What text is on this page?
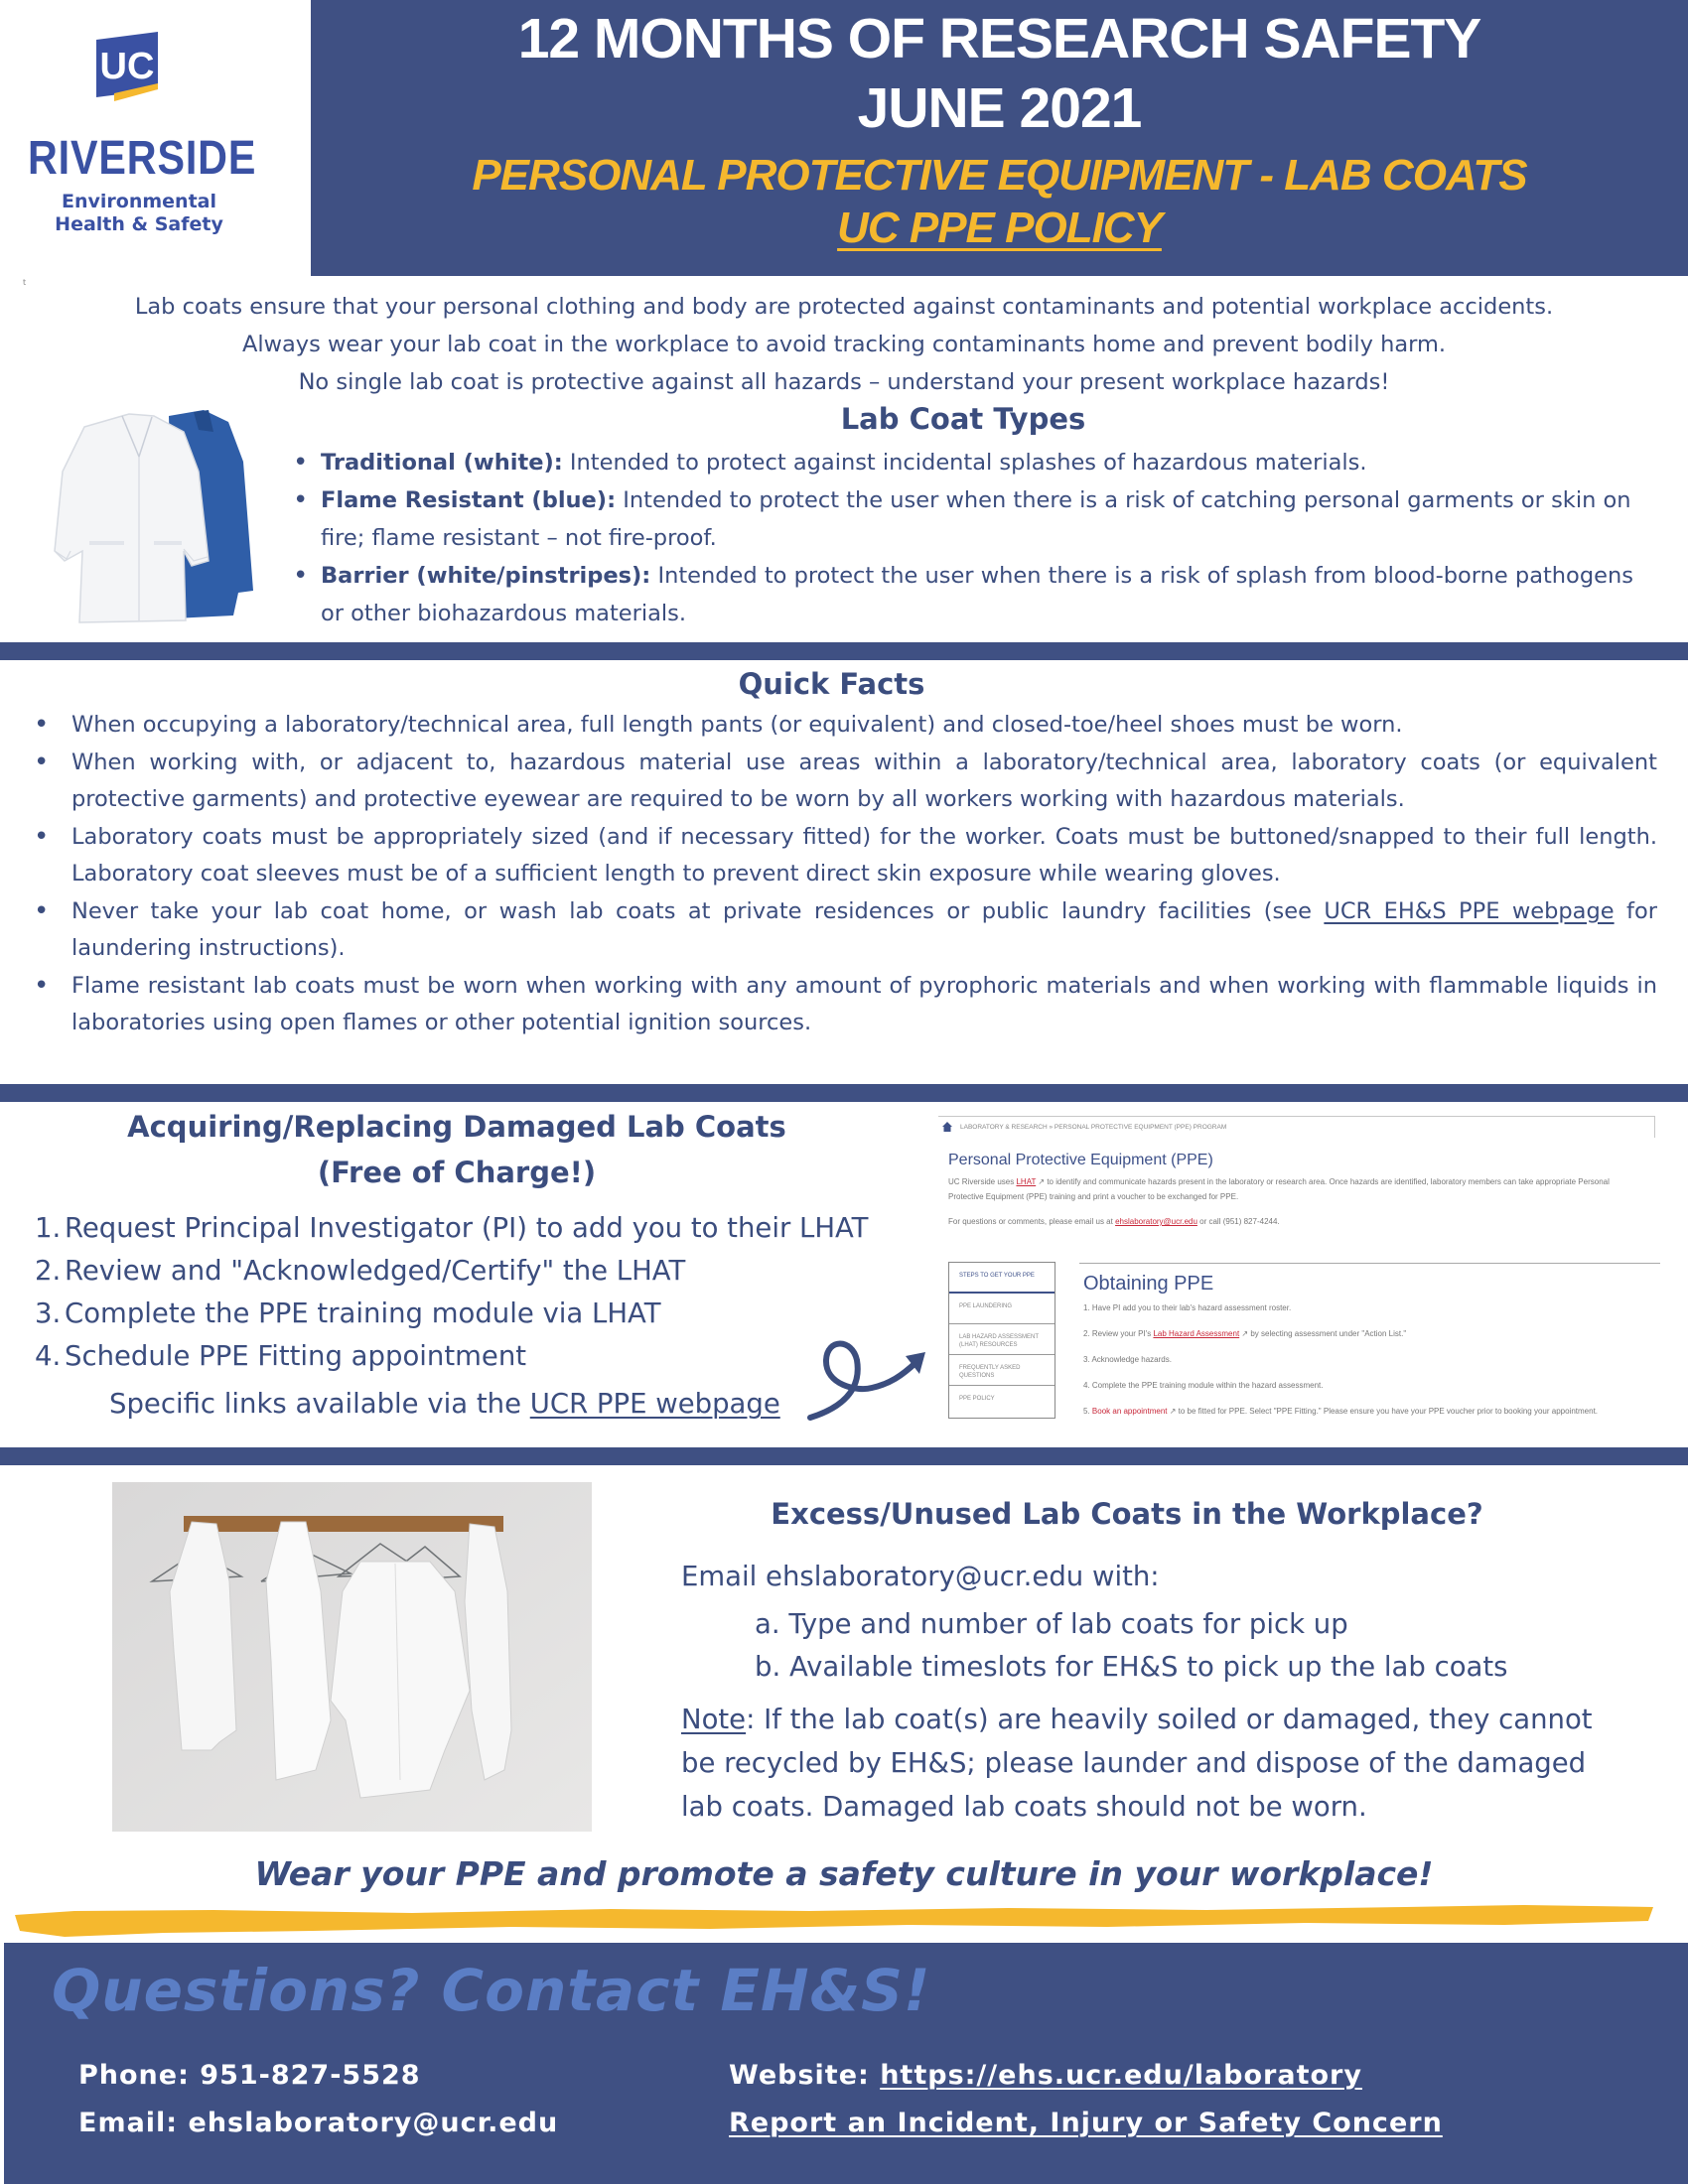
UC
RIVERSIDE
Environmental
Health & Safety
12 MONTHS OF RESEARCH SAFETY
JUNE 2021
PERSONAL PROTECTIVE EQUIPMENT - LAB COATS
UC PPE POLICY
t
Lab coats ensure that your personal clothing and body are protected against contaminants and potential workplace accidents.
Always wear your lab coat in the workplace to avoid tracking contaminants home and prevent bodily harm.
No single lab coat is protective against all hazards – understand your present workplace hazards!
Lab Coat Types
• Traditional (white): Intended to protect against incidental splashes of hazardous materials.
• Flame Resistant (blue): Intended to protect the user when there is a risk of catching personal garments or skin on fire; flame resistant – not fire-proof.
• Barrier (white/pinstripes): Intended to protect the user when there is a risk of splash from blood-borne pathogens or other biohazardous materials.
Quick Facts
• When occupying a laboratory/technical area, full length pants (or equivalent) and closed-toe/heel shoes must be worn.
• When working with, or adjacent to, hazardous material use areas within a laboratory/technical area, laboratory coats (or equivalent protective garments) and protective eyewear are required to be worn by all workers working with hazardous materials.
• Laboratory coats must be appropriately sized (and if necessary fitted) for the worker. Coats must be buttoned/snapped to their full length. Laboratory coat sleeves must be of a sufficient length to prevent direct skin exposure while wearing gloves.
• Never take your lab coat home, or wash lab coats at private residences or public laundry facilities (see UCR EH&S PPE webpage for laundering instructions).
• Flame resistant lab coats must be worn when working with any amount of pyrophoric materials and when working with flammable liquids in laboratories using open flames or other potential ignition sources.
Acquiring/Replacing Damaged Lab Coats
(Free of Charge!)
1. Request Principal Investigator (PI) to add you to their LHAT
2. Review and "Acknowledged/Certify" the LHAT
3. Complete the PPE training module via LHAT
4. Schedule PPE Fitting appointment
Specific links available via the UCR PPE webpage
LABORATORY & RESEARCH » PERSONAL PROTECTIVE EQUIPMENT (PPE) PROGRAM
Personal Protective Equipment (PPE)
UC Riverside uses LHAT ↗ to identify and communicate hazards present in the laboratory or research area. Once hazards are identified, laboratory members can take appropriate Personal Protective Equipment (PPE) training and print a voucher to be exchanged for PPE.
For questions or comments, please email us at ehslaboratory@ucr.edu or call (951) 827-4244.
STEPS TO GET YOUR PPE
PPE LAUNDERING
LAB HAZARD ASSESSMENT (LHAT) RESOURCES
FREQUENTLY ASKED QUESTIONS
PPE POLICY
Obtaining PPE
1. Have PI add you to their lab's hazard assessment roster.
2. Review your PI's Lab Hazard Assessment ↗ by selecting assessment under "Action List."
3. Acknowledge hazards.
4. Complete the PPE training module within the hazard assessment.
5. Book an appointment ↗ to be fitted for PPE. Select "PPE Fitting." Please ensure you have your PPE voucher prior to booking your appointment.
Excess/Unused Lab Coats in the Workplace?
Email ehslaboratory@ucr.edu with:
a. Type and number of lab coats for pick up
b. Available timeslots for EH&S to pick up the lab coats
Note: If the lab coat(s) are heavily soiled or damaged, they cannot be recycled by EH&S; please launder and dispose of the damaged lab coats. Damaged lab coats should not be worn.
Wear your PPE and promote a safety culture in your workplace!
Questions? Contact EH&S!
Phone: 951-827-5528
Email: ehslaboratory@ucr.edu
Website: https://ehs.ucr.edu/laboratory
Report an Incident, Injury or Safety Concern
